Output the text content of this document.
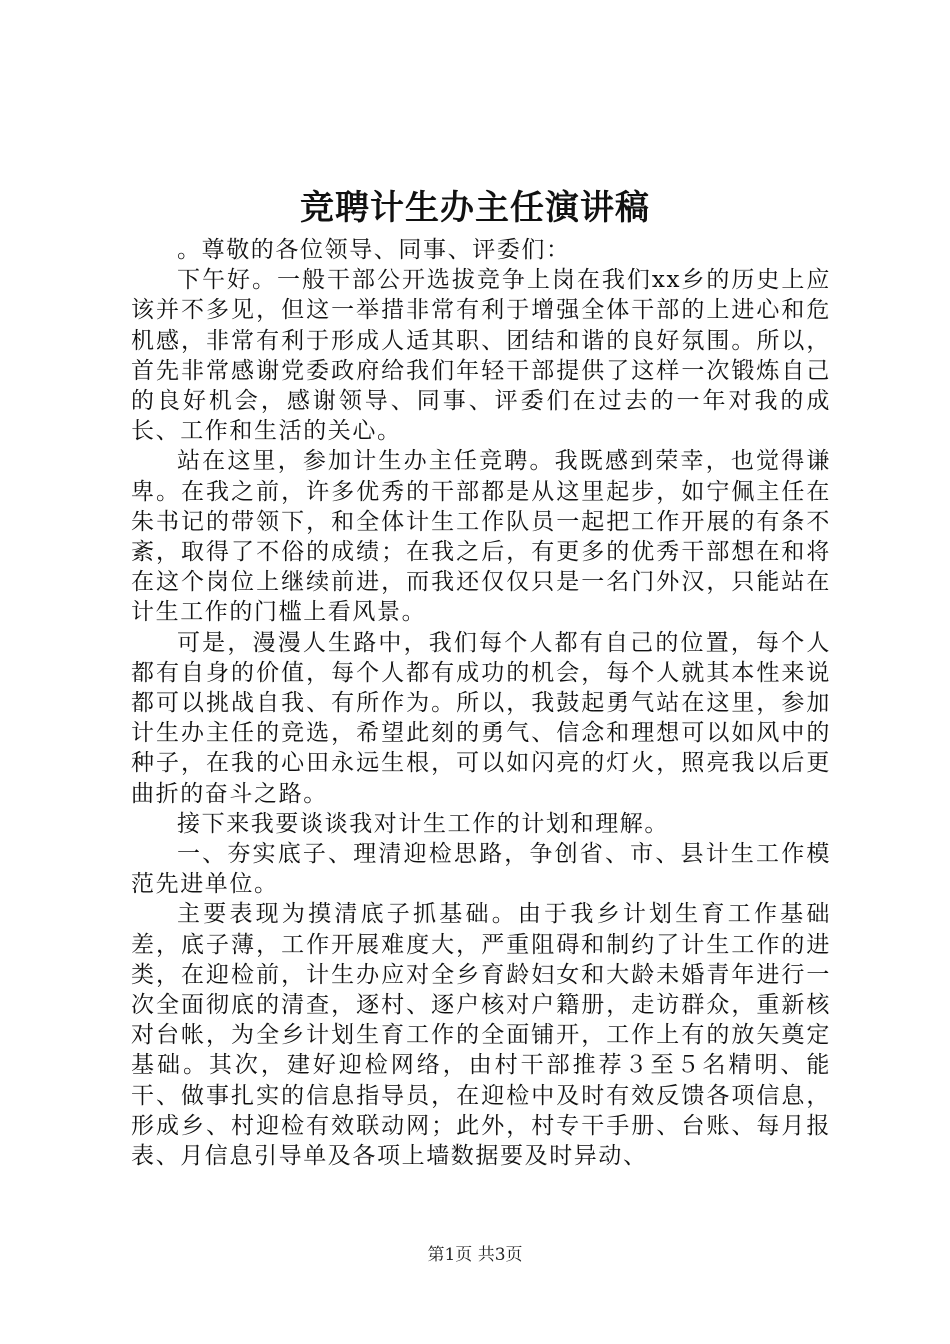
竞聘计生办主任演讲稿

。尊敬的各位领导、同事、评委们：

下午好。一般干部公开选拔竞争上岗在我们xx乡的历史上应该并不多见，但这一举措非常有利于增强全体干部的上进心和危机感，非常有利于形成人适其职、团结和谐的良好氛围。所以，首先非常感谢党委政府给我们年轻干部提供了这样一次锻炼自己的良好机会，感谢领导、同事、评委们在过去的一年对我的成长、工作和生活的关心。

站在这里，参加计生办主任竞聘。我既感到荣幸，也觉得谦卑。在我之前，许多优秀的干部都是从这里起步，如宁佩主任在朱书记的带领下，和全体计生工作队员一起把工作开展的有条不紊，取得了不俗的成绩；在我之后，有更多的优秀干部想在和将在这个岗位上继续前进，而我还仅仅只是一名门外汉，只能站在计生工作的门槛上看风景。

可是，漫漫人生路中，我们每个人都有自己的位置，每个人都有自身的价值，每个人都有成功的机会，每个人就其本性来说都可以挑战自我、有所作为。所以，我鼓起勇气站在这里，参加计生办主任的竞选，希望此刻的勇气、信念和理想可以如风中的种子，在我的心田永远生根，可以如闪亮的灯火，照亮我以后更曲折的奋斗之路。

接下来我要谈谈我对计生工作的计划和理解。

一、夯实底子、理清迎检思路，争创省、市、县计生工作模范先进单位。

主要表现为摸清底子抓基础。由于我乡计划生育工作基础差，底子薄，工作开展难度大，严重阻碍和制约了计生工作的进类，在迎检前，计生办应对全乡育龄妇女和大龄未婚青年进行一次全面彻底的清查，逐村、逐户核对户籍册，走访群众，重新核对台帐，为全乡计划生育工作的全面铺开，工作上有的放矢奠定基础。其次，建好迎检网络，由村干部推荐３至５名精明、能干、做事扎实的信息指导员，在迎检中及时有效反馈各项信息，形成乡、村迎检有效联动网；此外，村专干手册、台账、每月报表、月信息引导单及各项上墙数据要及时异动、

第1页 共3页
